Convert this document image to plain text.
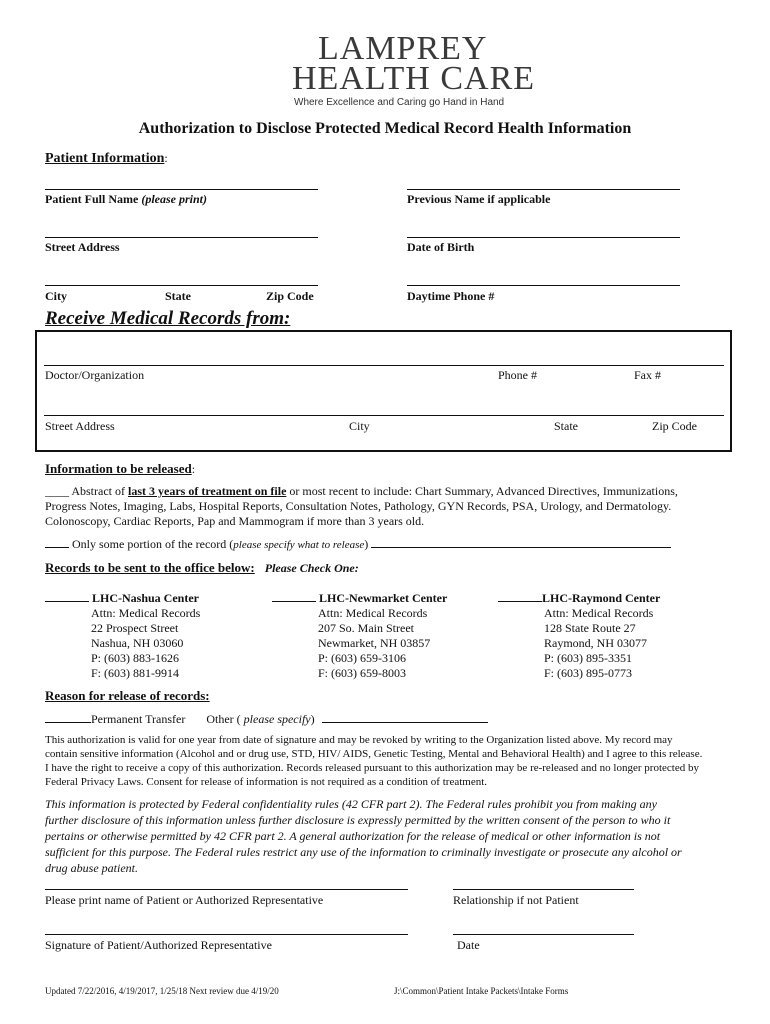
LAMPREY
HEALTH CARE
Where Excellence and Caring go Hand in Hand
Authorization to Disclose Protected Medical Record Health Information
Patient Information:
Patient Full Name (please print)	Previous Name if applicable
Street Address	Date of Birth
City	State	Zip Code	Daytime Phone #
Receive Medical Records from:
Doctor/Organization	Phone #	Fax #
Street Address	City	State	Zip Code
Information to be released:
____ Abstract of last 3 years of treatment on file or most recent to include: Chart Summary, Advanced Directives, Immunizations,
Progress Notes, Imaging, Labs, Hospital Reports, Consultation Notes, Pathology, GYN Records, PSA, Urology, and Dermatology.
Colonoscopy, Cardiac Reports, Pap and Mammogram if more than 3 years old.
Only some portion of the record (please specify what to release)
Records to be sent to the office below: Please Check One:
LHC-Nashua Center
Attn: Medical Records
22 Prospect Street
Nashua, NH 03060
P: (603) 883-1626
F: (603) 881-9914
LHC-Newmarket Center
Attn: Medical Records
207 So. Main Street
Newmarket, NH 03857
P: (603) 659-3106
F: (603) 659-8003
LHC-Raymond Center
Attn: Medical Records
128 State Route 27
Raymond, NH 03077
P: (603) 895-3351
F: (603) 895-0773
Reason for release of records:
Permanent Transfer Other ( please specify)
This authorization is valid for one year from date of signature and may be revoked by writing to the Organization listed above. My record may
contain sensitive information (Alcohol and or drug use, STD, HIV/ AIDS, Genetic Testing, Mental and Behavioral Health) and I agree to this release.
I have the right to receive a copy of this authorization. Records released pursuant to this authorization may be re-released and no longer protected by
Federal Privacy Laws. Consent for release of information is not required as a condition of treatment.
This information is protected by Federal confidentiality rules (42 CFR part 2). The Federal rules prohibit you from making any
further disclosure of this information unless further disclosure is expressly permitted by the written consent of the person to who it
pertains or otherwise permitted by 42 CFR part 2. A general authorization for the release of medical or other information is not
sufficient for this purpose. The Federal rules restrict any use of the information to criminally investigate or prosecute any alcohol or
drug abuse patient.
Please print name of Patient or Authorized Representative	Relationship if not Patient
Signature of Patient/Authorized Representative	Date
Updated 7/22/2016, 4/19/2017, 1/25/18 Next review due 4/19/20	J:\Common\Patient Intake Packets\Intake Forms
